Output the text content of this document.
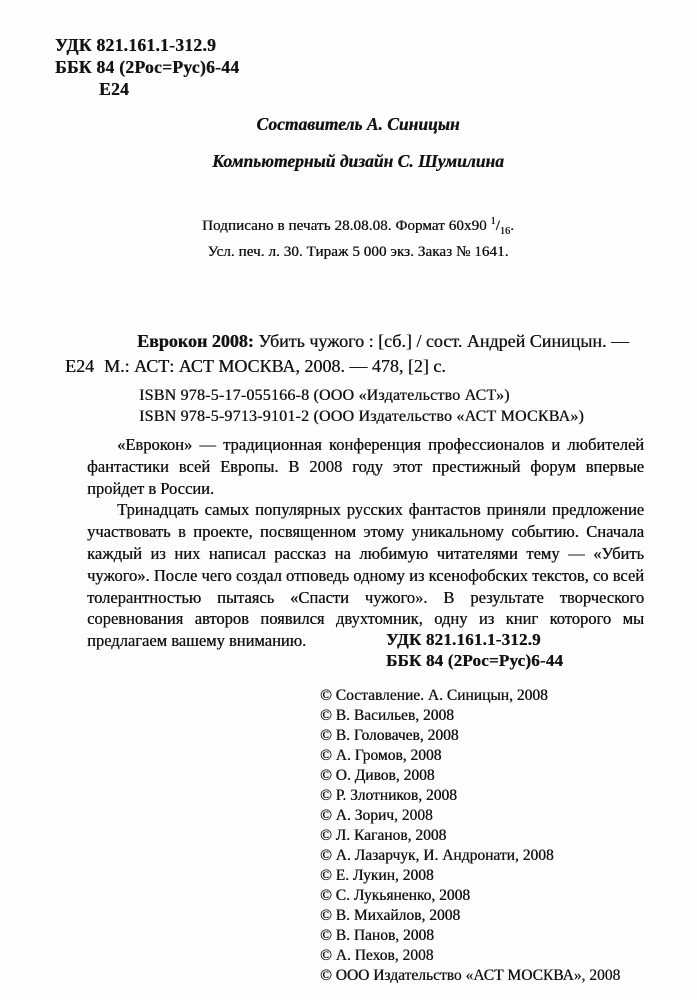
УДК 821.161.1-312.9
ББК 84 (2Рос=Рус)6-44
Е24
Составитель А. Синицын
Компьютерный дизайн С. Шумилина
Подписано в печать 28.08.08. Формат 60х90 $^1/_{16}$.
Усл. печ. л. 30. Тираж 5 000 экз. Заказ № 1641.
Еврокон 2008: Убить чужого : [сб.] / сост. Андрей Синицын. —
Е24 М.: АСТ: АСТ МОСКВА, 2008. — 478, [2] с.
ISBN 978-5-17-055166-8 (ООО «Издательство АСТ»)
ISBN 978-5-9713-9101-2 (ООО Издательство «АСТ МОСКВА»)

«Еврокон» — традиционная конференция профессионалов и любителей фантастики всей Европы. В 2008 году этот престижный форум впервые пройдет в России.

Тринадцать самых популярных русских фантастов приняли предложение участвовать в проекте, посвященном этому уникальному событию. Сначала каждый из них написал рассказ на любимую читателями тему — «Убить чужого». После чего создал отповедь одному из ксенофобских текстов, со всей толерантностью пытаясь «Спасти чужого». В результате творческого соревнования авторов появился двухтомник, одну из книг которого мы предлагаем вашему вниманию.	УДК 821.161.1-312.9
ББК 84 (2Рос=Рус)6-44
© Составление. А. Синицын, 2008
© В. Васильев, 2008
© В. Головачев, 2008
© А. Громов, 2008
© О. Дивов, 2008
© Р. Злотников, 2008
© А. Зорич, 2008
© Л. Каганов, 2008
© А. Лазарчук, И. Андронати, 2008
© Е. Лукин, 2008
© С. Лукьяненко, 2008
© В. Михайлов, 2008
© В. Панов, 2008
© А. Пехов, 2008
© ООО Издательство «АСТ МОСКВА», 2008
